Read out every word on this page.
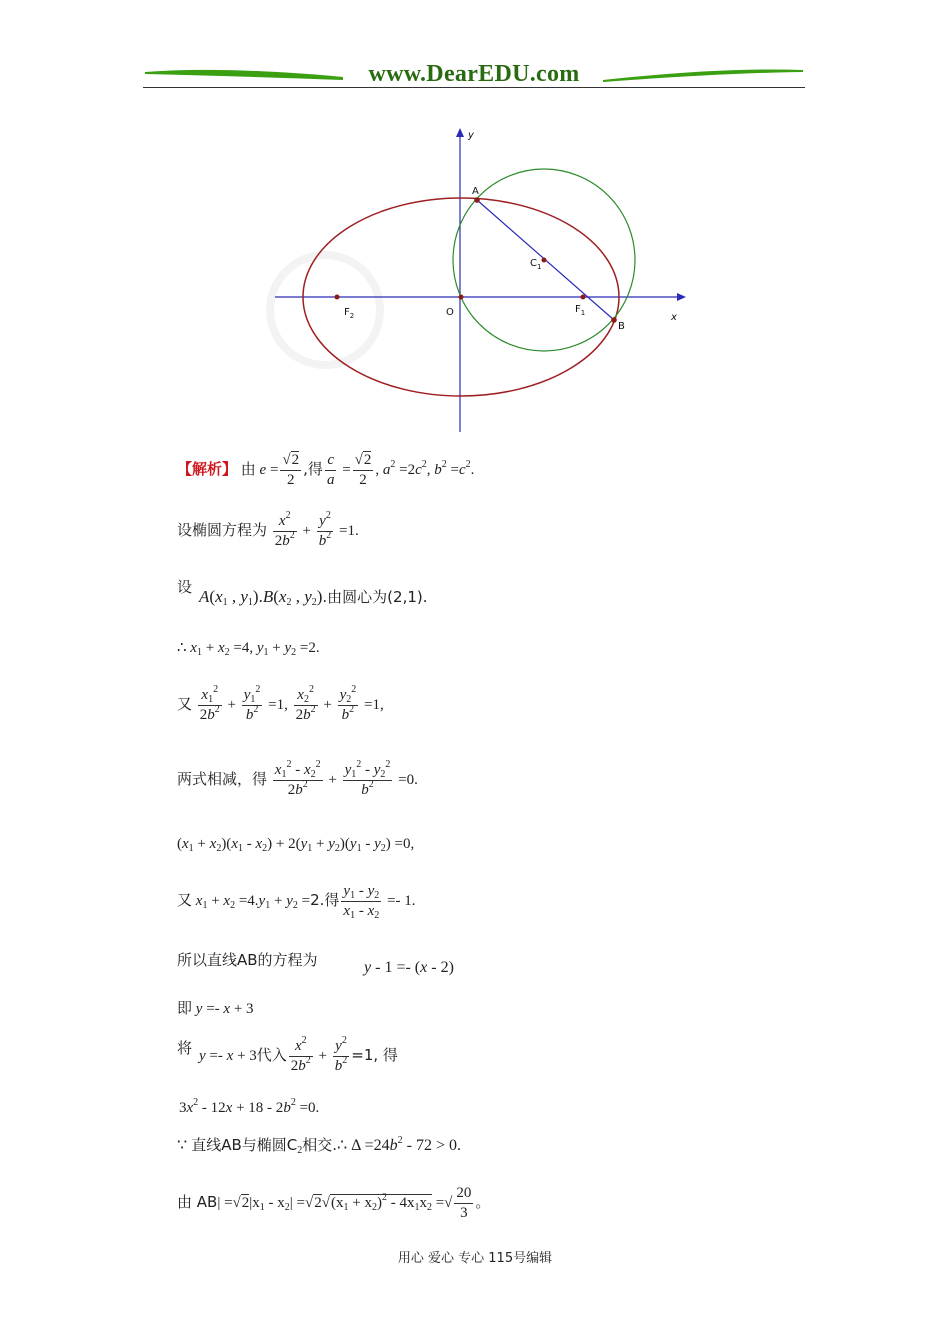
www.DearEDU.com
y
x
A
B
O
$C_1$
$F_1$
$F_2$
【解析】 由 $e = \frac{√2}{2}$ ,得 $\frac{c}{a} = \frac{√2}{2}$ , $a^2 =2c^2$, $b^2 =c^2$.
设椭圆方程为 $\frac{x^2}{2b^2} + \frac{y^2}{b^2} =1$.
设 $A(x_1$ , $y_1).B(x_2$ , $y_2$).由圆心为(2,1).
∴ $x_1 + x_2 =4$, $y_1 + y_2 =2$.
又 $\frac{x_1^2}{2b^2} + \frac{y_1^2}{b^2} =1$, $\frac{x_2^2}{2b^2} + \frac{y_2^2}{b^2} =1$,
两式相减，得 $\frac{x_1^2 - x_2^2}{2b^2} + \frac{y_1^2 - y_2^2}{b^2} =0$.
$(x_1 + x_2)(x_1 - x_2) + 2(y_1 + y_2)(y_1 - y_2) =0$,
又 $x_1 + x_2 =4.y_1 + y_2 =2$.得 $\frac{y_1 - y_2}{x_1 - x_2} =- 1$.
所以直线AB的方程为	y - 1 =- (x - 2)
即 y =- x + 3
将 y =- x + 3代入 $\frac{x^2}{2b^2} + \frac{y^2}{b^2} =1$, 得
$3x^2 - 12x + 18 - 2b^2 =0$.
∵ 直线AB与椭圆$C_2$相交.∴ $\Delta =24b^2 - 72 > 0$.
由 $AB| =√2|x_1 - x_2| =√2√(x_1 + x_2)^2 - 4x_1x_2$ =√ $\frac{20}{3}$ 。
用心 爱心 专心 115号编辑
